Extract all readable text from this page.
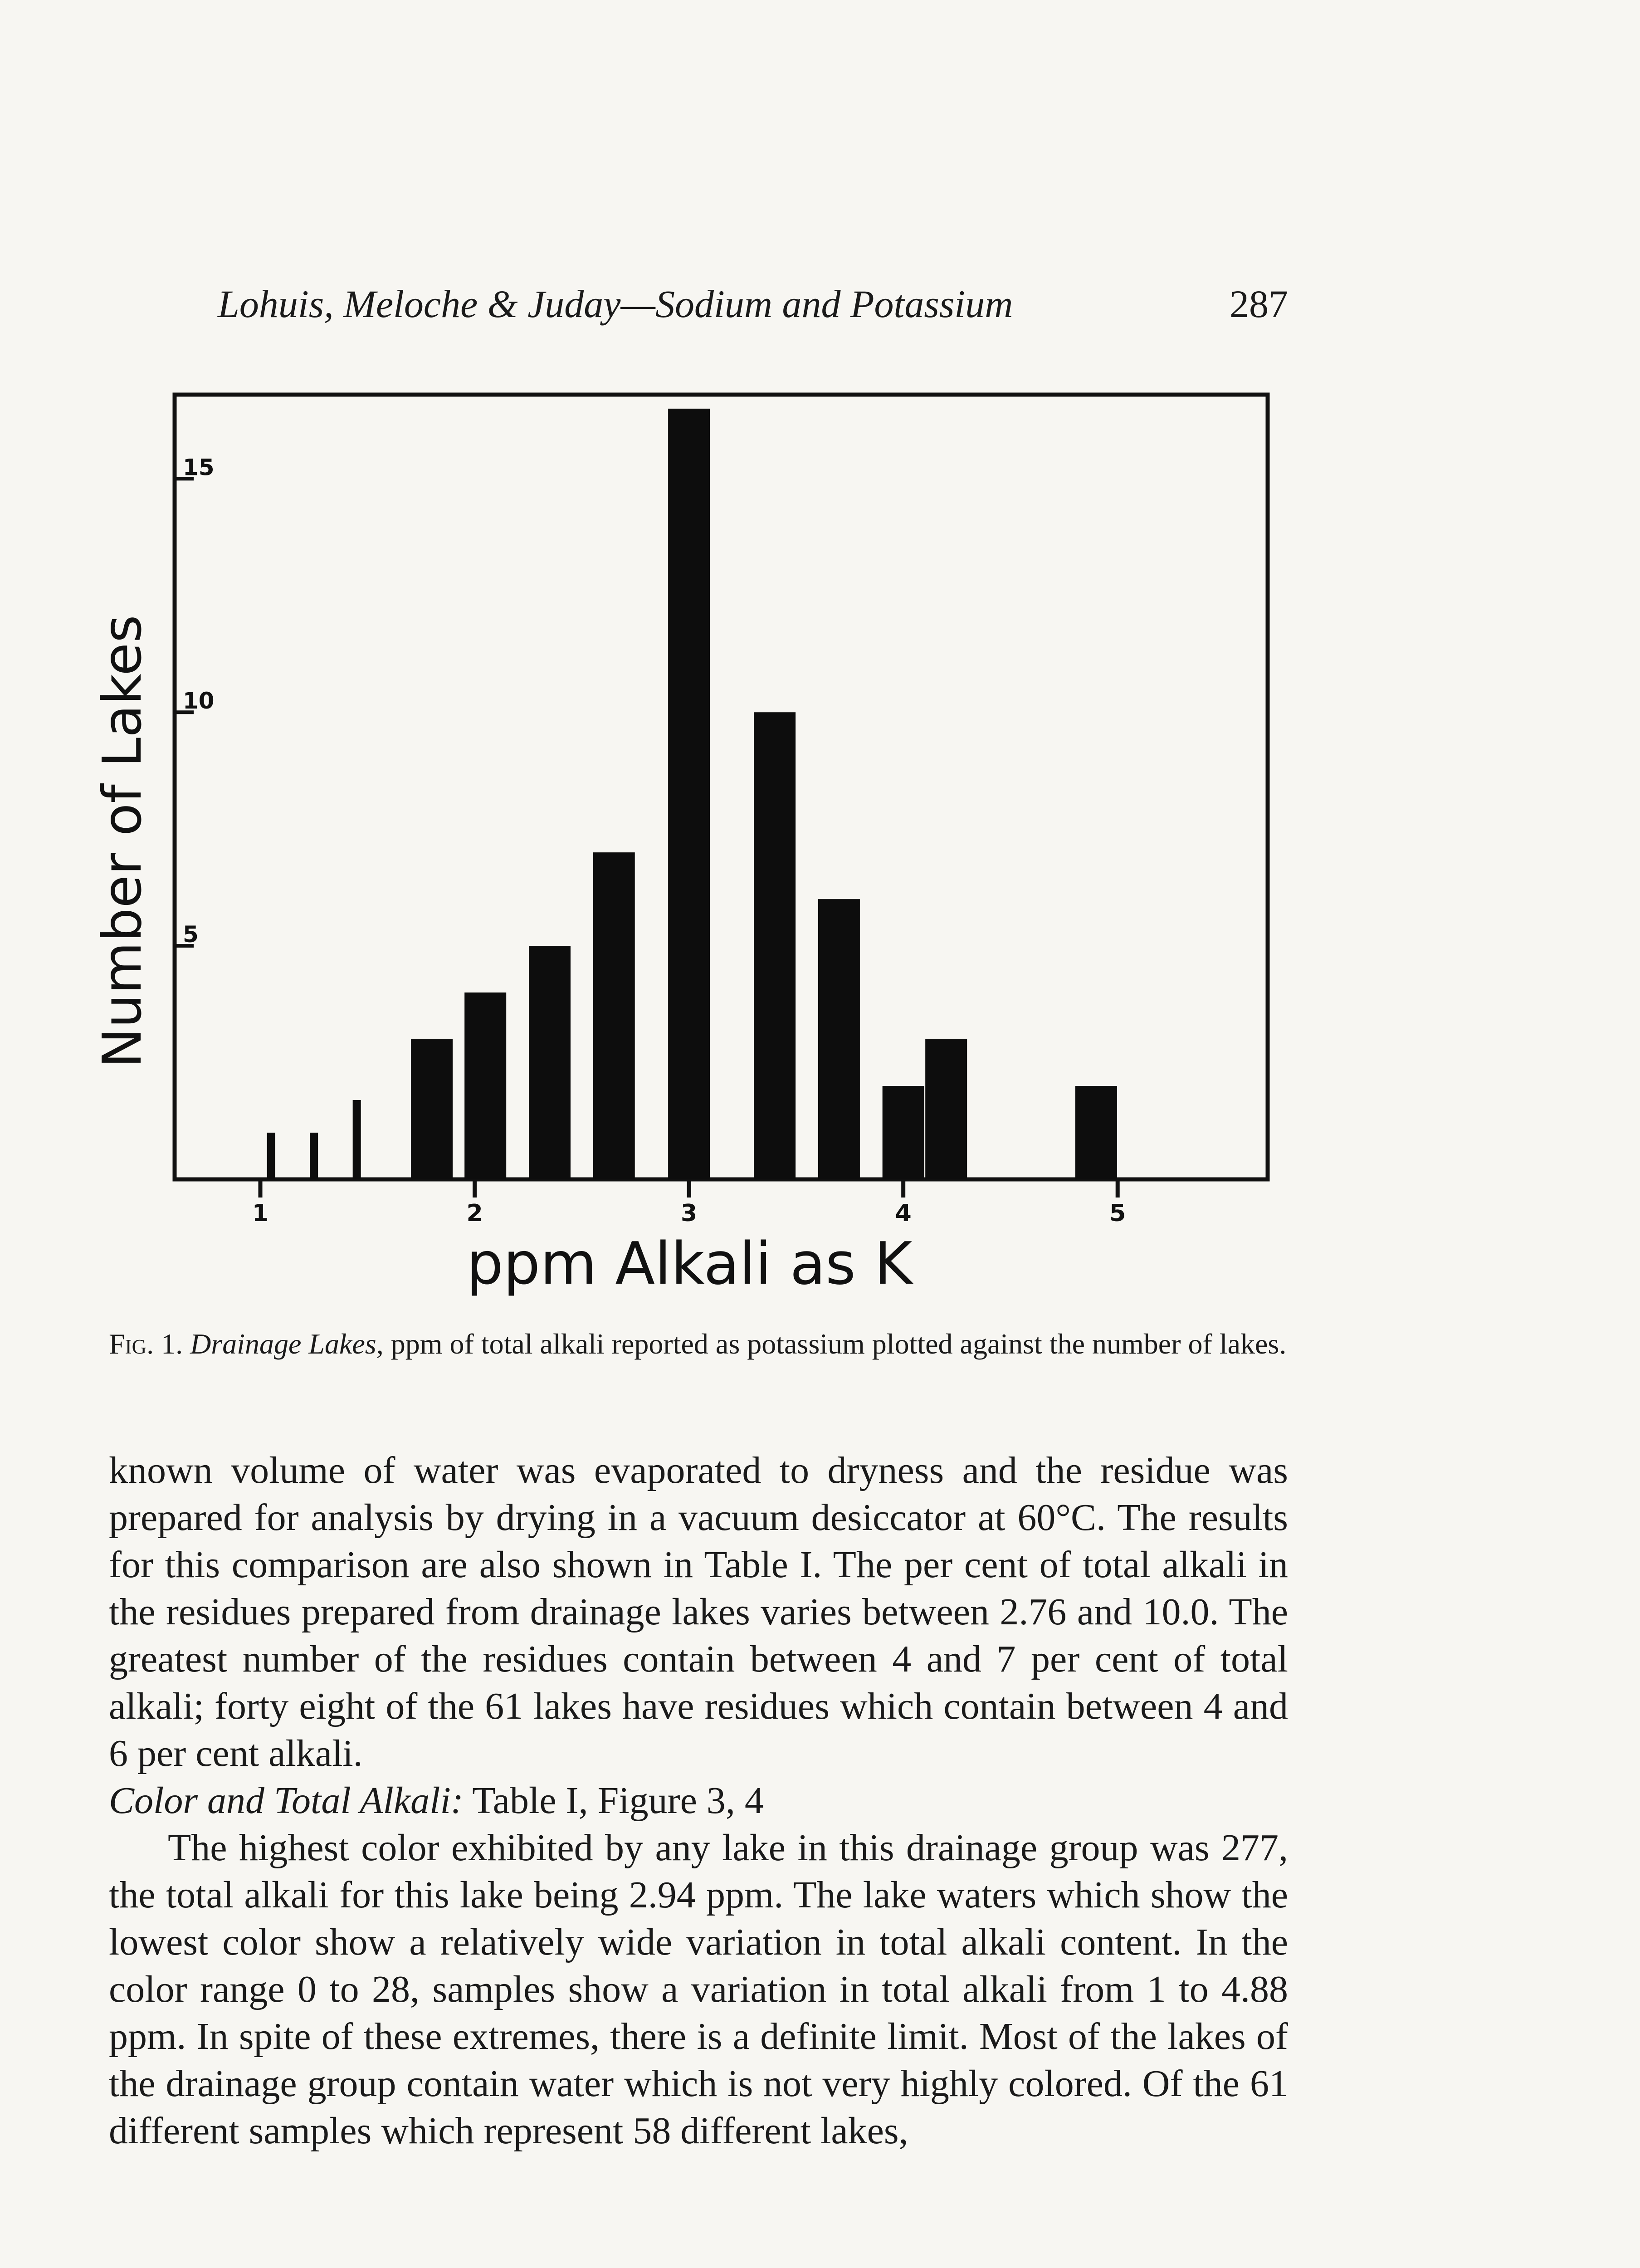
Lohuis, Meloche & Juday—Sodium and Potassium	287
1	2	3	4	5
5
10
15
ppm Alkali as K
Number of Lakes
Fig. 1. Drainage Lakes, ppm of total alkali reported as potassium plotted against the number of lakes.

known volume of water was evaporated to dryness and the residue was prepared for analysis by drying in a vacuum desiccator at 60°C. The results for this comparison are also shown in Table I. The per cent of total alkali in the residues prepared from drainage lakes varies between 2.76 and 10.0. The greatest number of the residues contain between 4 and 7 per cent of total alkali; forty eight of the 61 lakes have residues which contain between 4 and 6 per cent alkali.

Color and Total Alkali: Table I, Figure 3, 4

The highest color exhibited by any lake in this drainage group was 277, the total alkali for this lake being 2.94 ppm. The lake waters which show the lowest color show a relatively wide variation in total alkali content. In the color range 0 to 28, samples show a variation in total alkali from 1 to 4.88 ppm. In spite of these extremes, there is a definite limit. Most of the lakes of the drainage group contain water which is not very highly colored. Of the 61 different samples which represent 58 different lakes,
